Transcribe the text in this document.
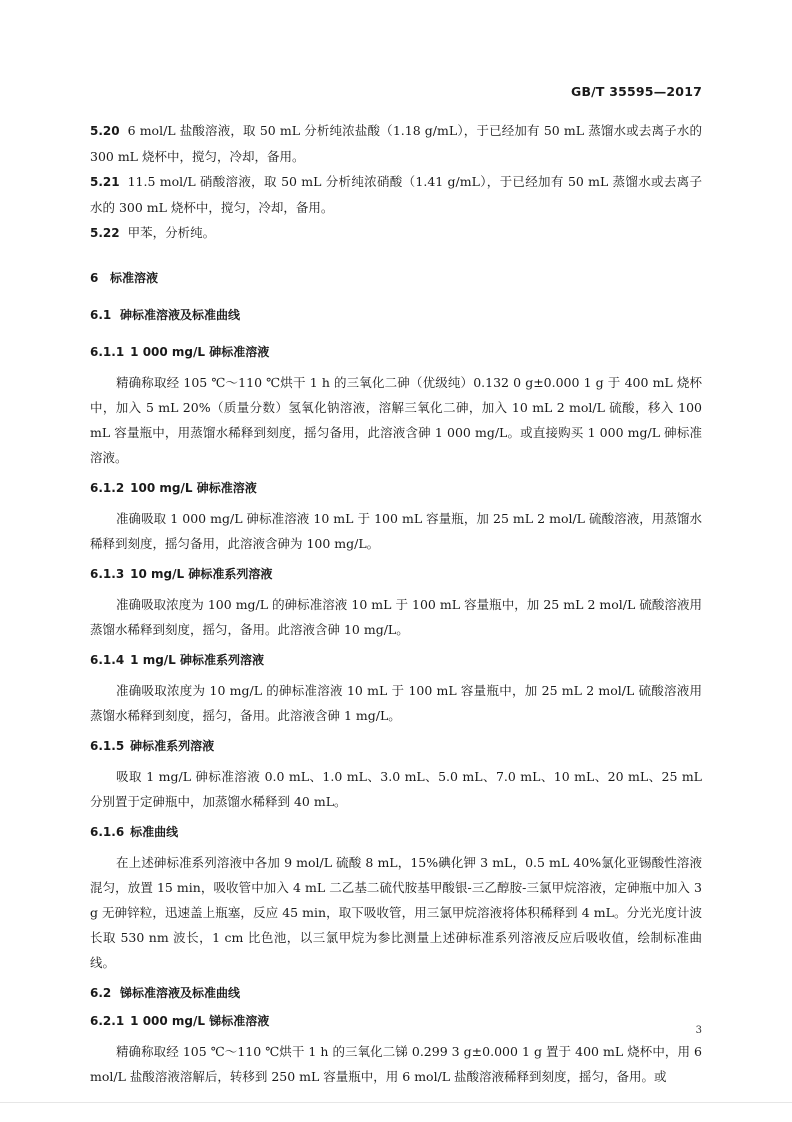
GB/T 35595—2017

5.20 6 mol/L 盐酸溶液，取 50 mL 分析纯浓盐酸（1.18 g/mL），于已经加有 50 mL 蒸馏水或去离子水的 300 mL 烧杯中，搅匀，冷却，备用。

5.21 11.5 mol/L 硝酸溶液，取 50 mL 分析纯浓硝酸（1.41 g/mL），于已经加有 50 mL 蒸馏水或去离子水的 300 mL 烧杯中，搅匀，冷却，备用。

5.22 甲苯，分析纯。

6 标准溶液

6.1 砷标准溶液及标准曲线

6.1.1 1 000 mg/L 砷标准溶液

精确称取经 105 ℃～110 ℃烘干 1 h 的三氧化二砷（优级纯）0.132 0 g±0.000 1 g 于 400 mL 烧杯中，加入 5 mL 20%（质量分数）氢氧化钠溶液，溶解三氧化二砷，加入 10 mL 2 mol/L 硫酸，移入 100 mL 容量瓶中，用蒸馏水稀释到刻度，摇匀备用，此溶液含砷 1 000 mg/L。或直接购买 1 000 mg/L 砷标准溶液。

6.1.2 100 mg/L 砷标准溶液

准确吸取 1 000 mg/L 砷标准溶液 10 mL 于 100 mL 容量瓶，加 25 mL 2 mol/L 硫酸溶液，用蒸馏水稀释到刻度，摇匀备用，此溶液含砷为 100 mg/L。

6.1.3 10 mg/L 砷标准系列溶液

准确吸取浓度为 100 mg/L 的砷标准溶液 10 mL 于 100 mL 容量瓶中，加 25 mL 2 mol/L 硫酸溶液用蒸馏水稀释到刻度，摇匀，备用。此溶液含砷 10 mg/L。

6.1.4 1 mg/L 砷标准系列溶液

准确吸取浓度为 10 mg/L 的砷标准溶液 10 mL 于 100 mL 容量瓶中，加 25 mL 2 mol/L 硫酸溶液用蒸馏水稀释到刻度，摇匀，备用。此溶液含砷 1 mg/L。

6.1.5 砷标准系列溶液

吸取 1 mg/L 砷标准溶液 0.0 mL、1.0 mL、3.0 mL、5.0 mL、7.0 mL、10 mL、20 mL、25 mL 分别置于定砷瓶中，加蒸馏水稀释到 40 mL。

6.1.6 标准曲线

在上述砷标准系列溶液中各加 9 mol/L 硫酸 8 mL，15%碘化钾 3 mL，0.5 mL 40%氯化亚锡酸性溶液混匀，放置 15 min，吸收管中加入 4 mL 二乙基二硫代胺基甲酸银-三乙醇胺-三氯甲烷溶液，定砷瓶中加入 3 g 无砷锌粒，迅速盖上瓶塞，反应 45 min，取下吸收管，用三氯甲烷溶液将体积稀释到 4 mL。分光光度计波长取 530 nm 波长，1 cm 比色池，以三氯甲烷为参比测量上述砷标准系列溶液反应后吸收值，绘制标准曲线。

6.2 锑标准溶液及标准曲线

6.2.1 1 000 mg/L 锑标准溶液

精确称取经 105 ℃～110 ℃烘干 1 h 的三氧化二锑 0.299 3 g±0.000 1 g 置于 400 mL 烧杯中，用 6 mol/L 盐酸溶液溶解后，转移到 250 mL 容量瓶中，用 6 mol/L 盐酸溶液稀释到刻度，摇匀，备用。或

3
